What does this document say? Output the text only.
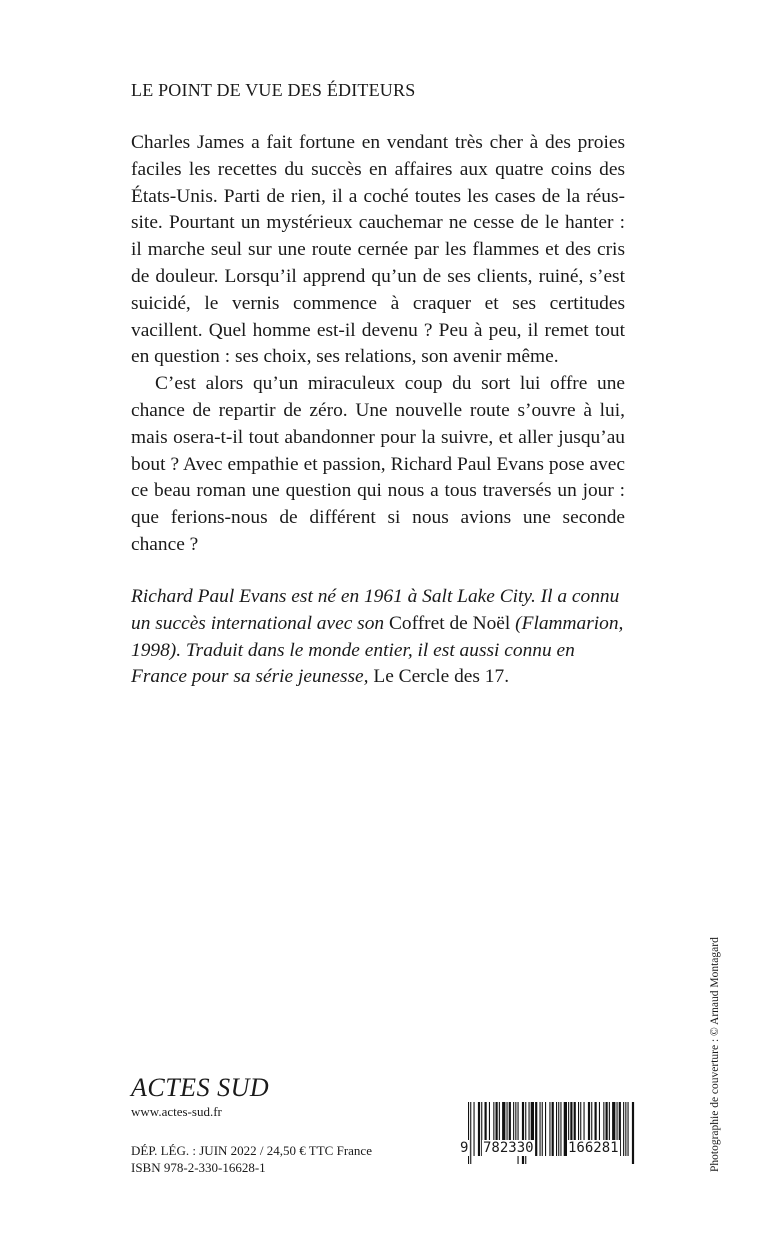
LE POINT DE VUE DES ÉDITEURS

Charles James a fait fortune en vendant très cher à des proies faciles les recettes du succès en affaires aux quatre coins des États-Unis. Parti de rien, il a coché toutes les cases de la réussite. Pourtant un mystérieux cauchemar ne cesse de le hanter : il marche seul sur une route cernée par les flammes et des cris de douleur. Lorsqu’il apprend qu’un de ses clients, ruiné, s’est suicidé, le vernis commence à craquer et ses certitudes vacillent. Quel homme est-il devenu ? Peu à peu, il remet tout en question : ses choix, ses relations, son avenir même.

C’est alors qu’un miraculeux coup du sort lui offre une chance de repartir de zéro. Une nouvelle route s’ouvre à lui, mais osera-t-il tout abandonner pour la suivre, et aller jusqu’au bout ? Avec empathie et passion, Richard Paul Evans pose avec ce beau roman une question qui nous a tous traversés un jour : que ferions-nous de différent si nous avions une seconde chance ?

Richard Paul Evans est né en 1961 à Salt Lake City. Il a connu un succès international avec son Coffret de Noël (Flammarion, 1998). Traduit dans le monde entier, il est aussi connu en France pour sa série jeunesse, Le Cercle des 17.

ACTES SUD
www.actes-sud.fr
DÉP. LÉG. : JUIN 2022 / 24,50 € TTC France
ISBN 978-2-330-16628-1
9 782330 166281	Photographie de couverture : © Arnaud Montagard
